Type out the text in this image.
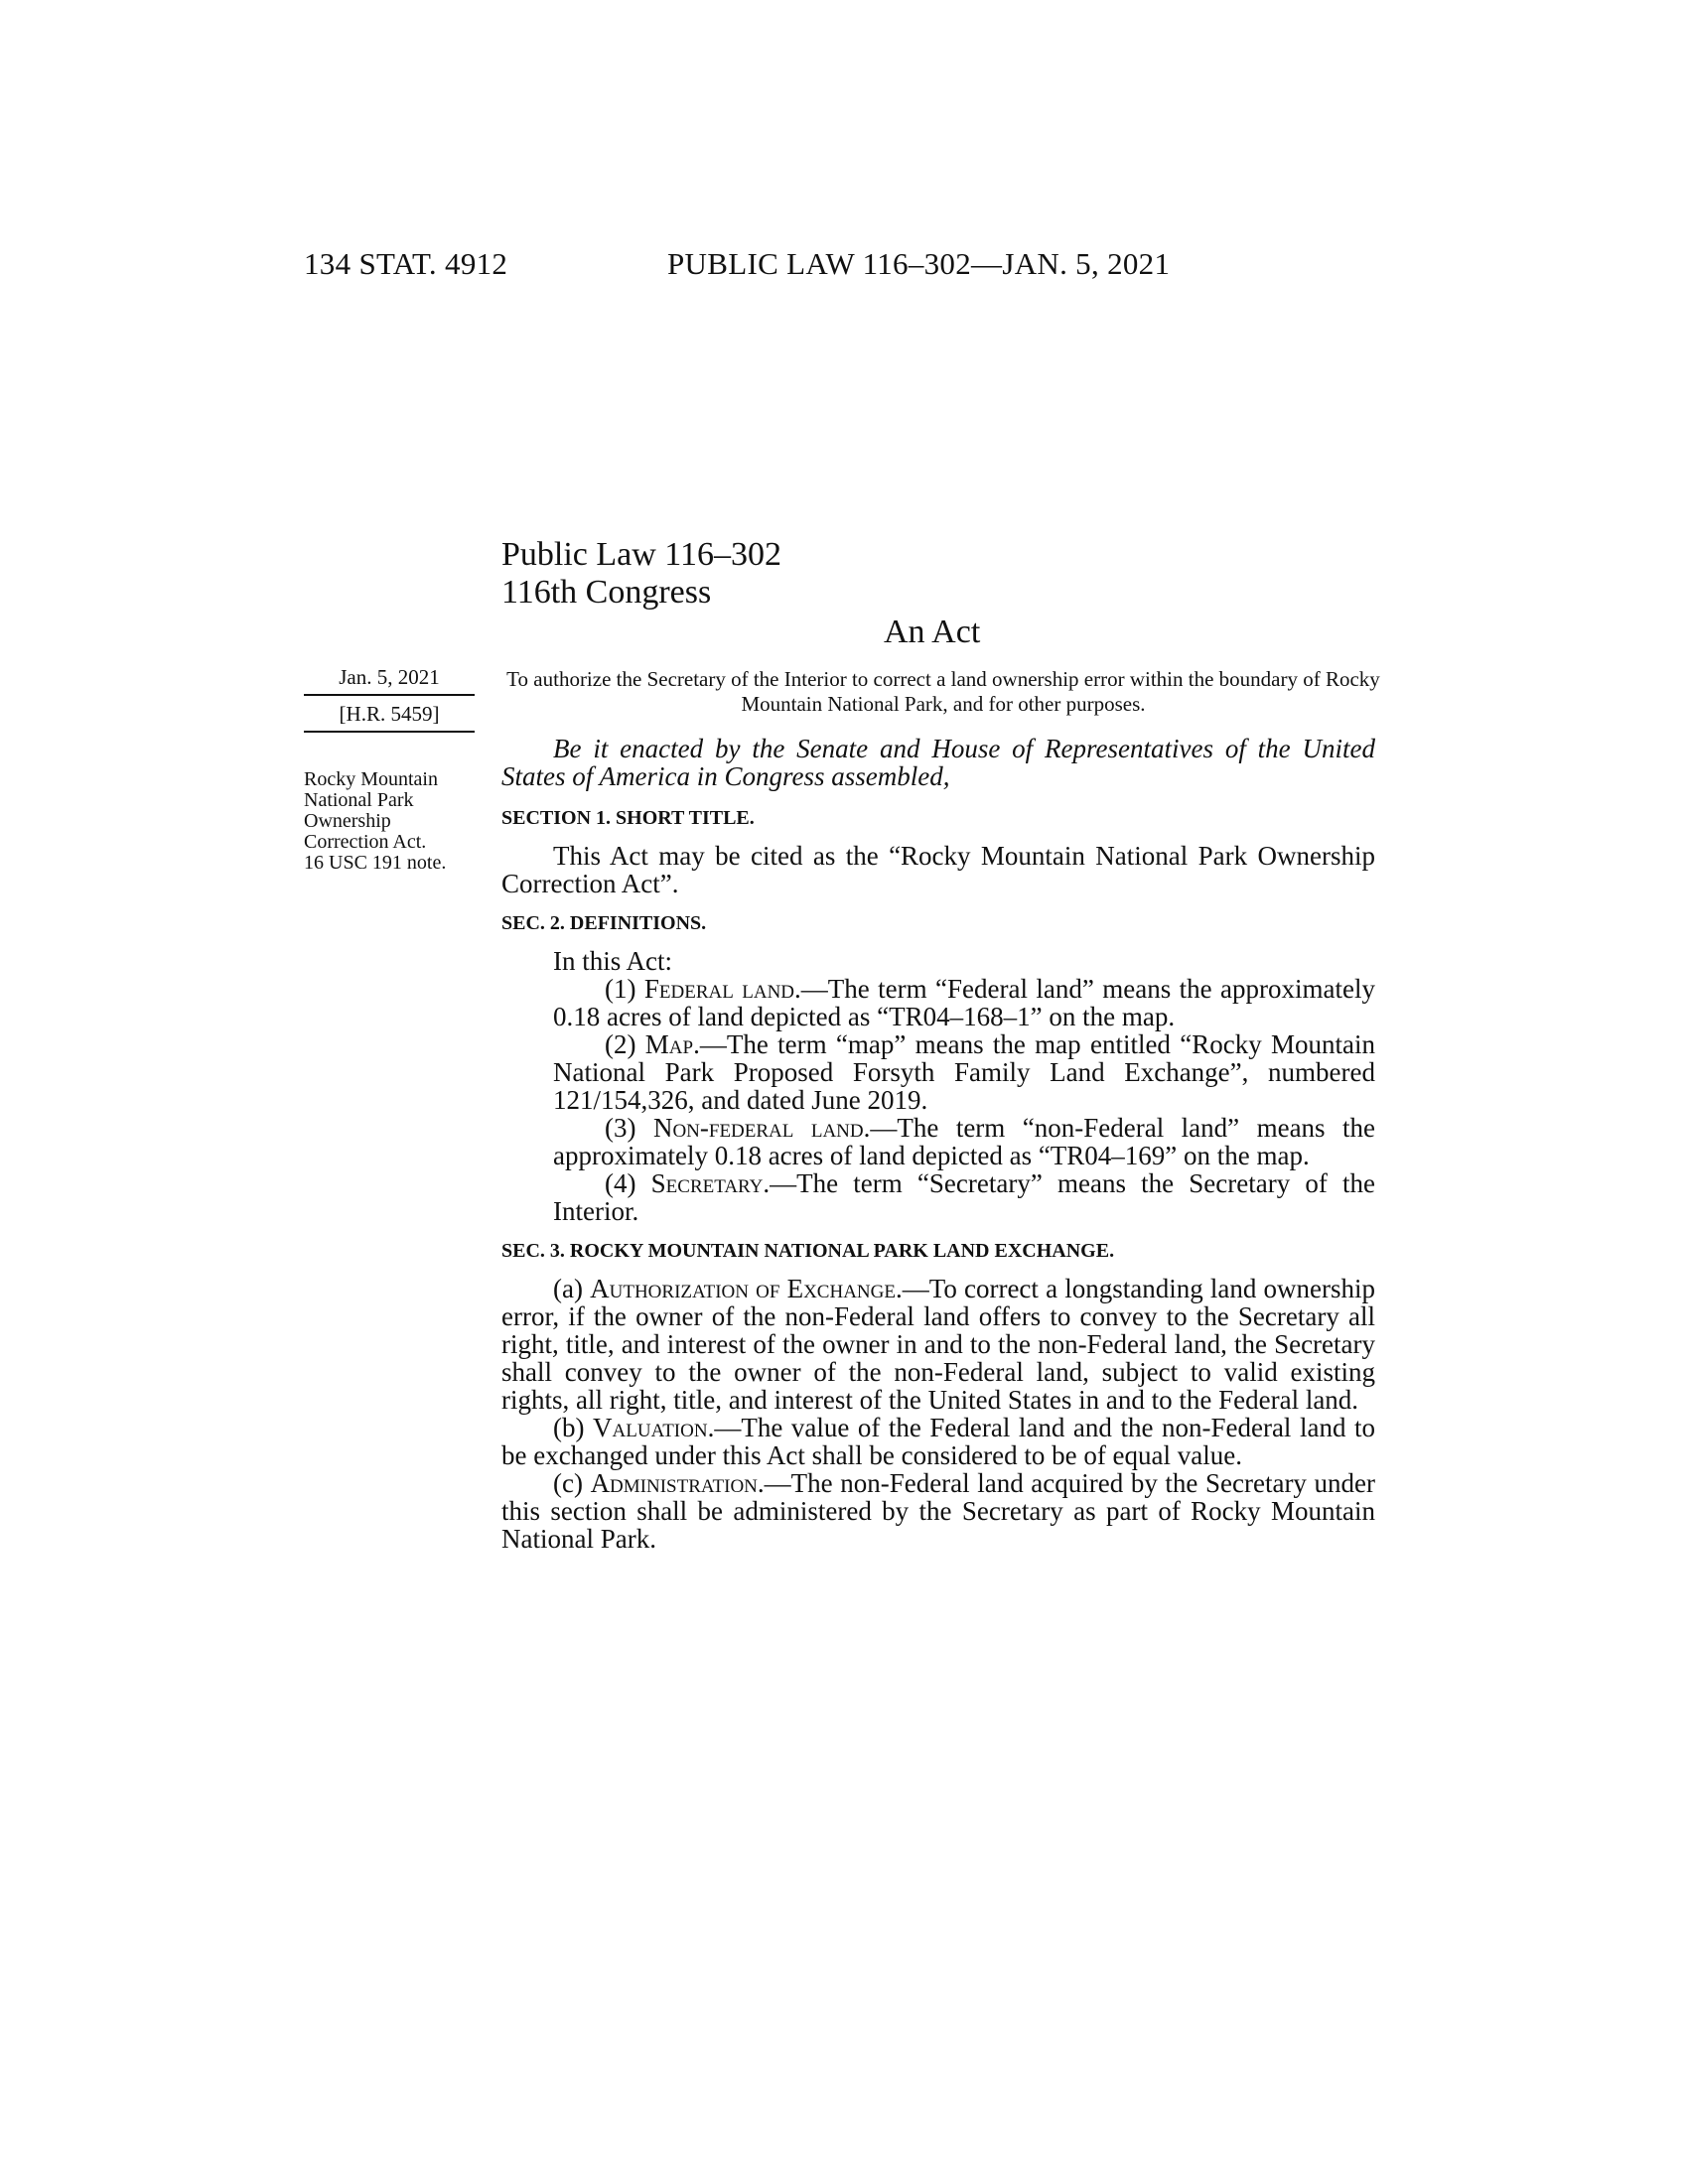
134 STAT. 4912	PUBLIC LAW 116–302—JAN. 5, 2021
Public Law 116–302
116th Congress
An Act
Jan. 5, 2021
[H.R. 5459]
Rocky Mountain
National Park
Ownership
Correction Act.
16 USC 191 note.
To authorize the Secretary of the Interior to correct a land ownership error within the boundary of Rocky Mountain National Park, and for other purposes.

Be it enacted by the Senate and House of Representatives of the United States of America in Congress assembled,

SECTION 1. SHORT TITLE.

This Act may be cited as the “Rocky Mountain National Park Ownership Correction Act”.

SEC. 2. DEFINITIONS.

In this Act:

(1) Federal land.—The term “Federal land” means the approximately 0.18 acres of land depicted as “TR04–168–1” on the map.

(2) Map.—The term “map” means the map entitled “Rocky Mountain National Park Proposed Forsyth Family Land Exchange”, numbered 121/154,326, and dated June 2019.

(3) Non-federal land.—The term “non-Federal land” means the approximately 0.18 acres of land depicted as “TR04–169” on the map.

(4) Secretary.—The term “Secretary” means the Secretary of the Interior.

SEC. 3. ROCKY MOUNTAIN NATIONAL PARK LAND EXCHANGE.

(a) Authorization of Exchange.—To correct a longstanding land ownership error, if the owner of the non-Federal land offers to convey to the Secretary all right, title, and interest of the owner in and to the non-Federal land, the Secretary shall convey to the owner of the non-Federal land, subject to valid existing rights, all right, title, and interest of the United States in and to the Federal land.

(b) Valuation.—The value of the Federal land and the non-Federal land to be exchanged under this Act shall be considered to be of equal value.

(c) Administration.—The non-Federal land acquired by the Secretary under this section shall be administered by the Secretary as part of Rocky Mountain National Park.
